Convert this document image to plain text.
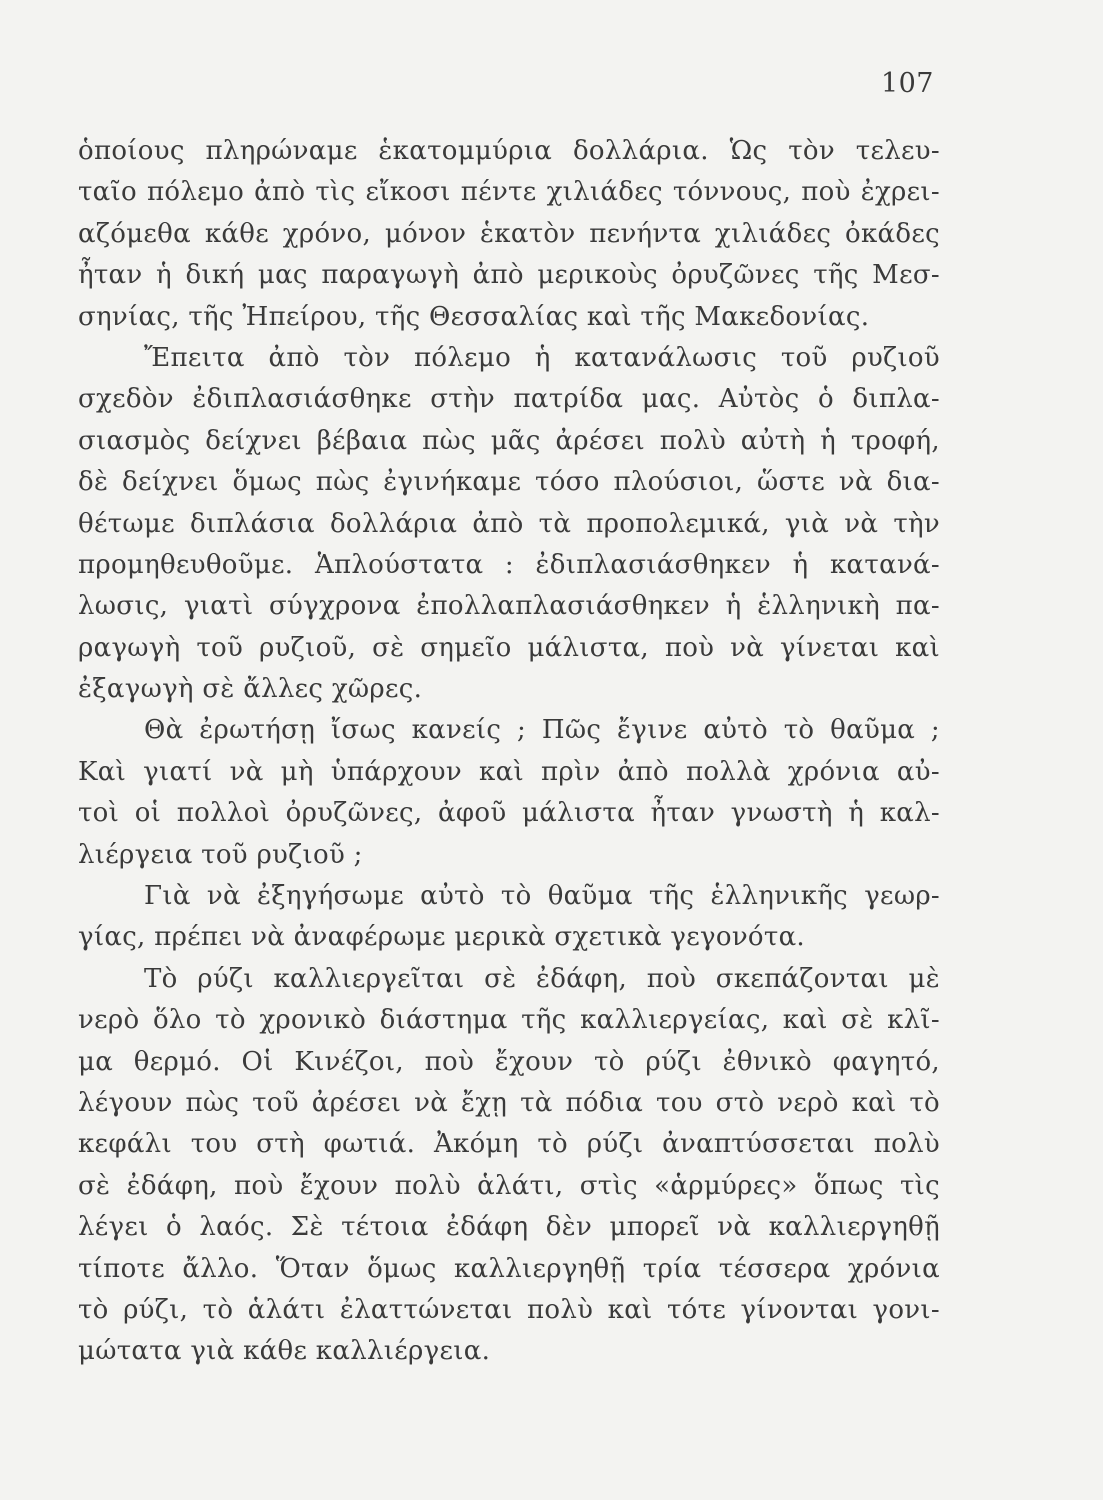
107
ὁποίους πληρώναμε ἑκατομμύρια δολλάρια. Ὡς τὸν τελευ-
ταῖο πόλεμο ἀπὸ τὶς εἴκοσι πέντε χιλιάδες τόννους, ποὺ ἐχρει-
αζόμεθα κάθε χρόνο, μόνον ἑκατὸν πενήντα χιλιάδες ὀκάδες
ἦταν ἡ δική μας παραγωγὴ ἀπὸ μερικοὺς ὀρυζῶνες τῆς Μεσ-
σηνίας, τῆς Ἠπείρου, τῆς Θεσσαλίας καὶ τῆς Μακεδονίας.
Ἔπειτα ἀπὸ τὸν πόλεμο ἡ κατανάλωσις τοῦ ρυζιοῦ
σχεδὸν ἐδιπλασιάσθηκε στὴν πατρίδα μας. Αὐτὸς ὁ διπλα-
σιασμὸς δείχνει βέβαια πὼς μᾶς ἀρέσει πολὺ αὐτὴ ἡ τροφή,
δὲ δείχνει ὅμως πὼς ἐγινήκαμε τόσο πλούσιοι, ὥστε νὰ δια-
θέτωμε διπλάσια δολλάρια ἀπὸ τὰ προπολεμικά, γιὰ νὰ τὴν
προμηθευθοῦμε. Ἁπλούστατα : ἐδιπλασιάσθηκεν ἡ κατανά-
λωσις, γιατὶ σύγχρονα ἐπολλαπλασιάσθηκεν ἡ ἑλληνικὴ πα-
ραγωγὴ τοῦ ρυζιοῦ, σὲ σημεῖο μάλιστα, ποὺ νὰ γίνεται καὶ
ἐξαγωγὴ σὲ ἄλλες χῶρες.
Θὰ ἐρωτήσῃ ἴσως κανείς ; Πῶς ἔγινε αὐτὸ τὸ θαῦμα ;
Καὶ γιατί νὰ μὴ ὑπάρχουν καὶ πρὶν ἀπὸ πολλὰ χρόνια αὐ-
τοὶ οἱ πολλοὶ ὀρυζῶνες, ἀφοῦ μάλιστα ἦταν γνωστὴ ἡ καλ-
λιέργεια τοῦ ρυζιοῦ ;
Γιὰ νὰ ἐξηγήσωμε αὐτὸ τὸ θαῦμα τῆς ἑλληνικῆς γεωρ-
γίας, πρέπει νὰ ἀναφέρωμε μερικὰ σχετικὰ γεγονότα.
Τὸ ρύζι καλλιεργεῖται σὲ ἐδάφη, ποὺ σκεπάζονται μὲ
νερὸ ὅλο τὸ χρονικὸ διάστημα τῆς καλλιεργείας, καὶ σὲ κλῖ-
μα θερμό. Οἱ Κινέζοι, ποὺ ἔχουν τὸ ρύζι ἐθνικὸ φαγητό,
λέγουν πὼς τοῦ ἀρέσει νὰ ἔχῃ τὰ πόδια του στὸ νερὸ καὶ τὸ
κεφάλι του στὴ φωτιά. Ἀκόμη τὸ ρύζι ἀναπτύσσεται πολὺ
σὲ ἐδάφη, ποὺ ἔχουν πολὺ ἁλάτι, στὶς «ἁρμύρες» ὅπως τὶς
λέγει ὁ λαός. Σὲ τέτοια ἐδάφη δὲν μπορεῖ νὰ καλλιεργηθῇ
τίποτε ἄλλο. Ὅταν ὅμως καλλιεργηθῇ τρία τέσσερα χρόνια
τὸ ρύζι, τὸ ἁλάτι ἐλαττώνεται πολὺ καὶ τότε γίνονται γονι-
μώτατα γιὰ κάθε καλλιέργεια.
